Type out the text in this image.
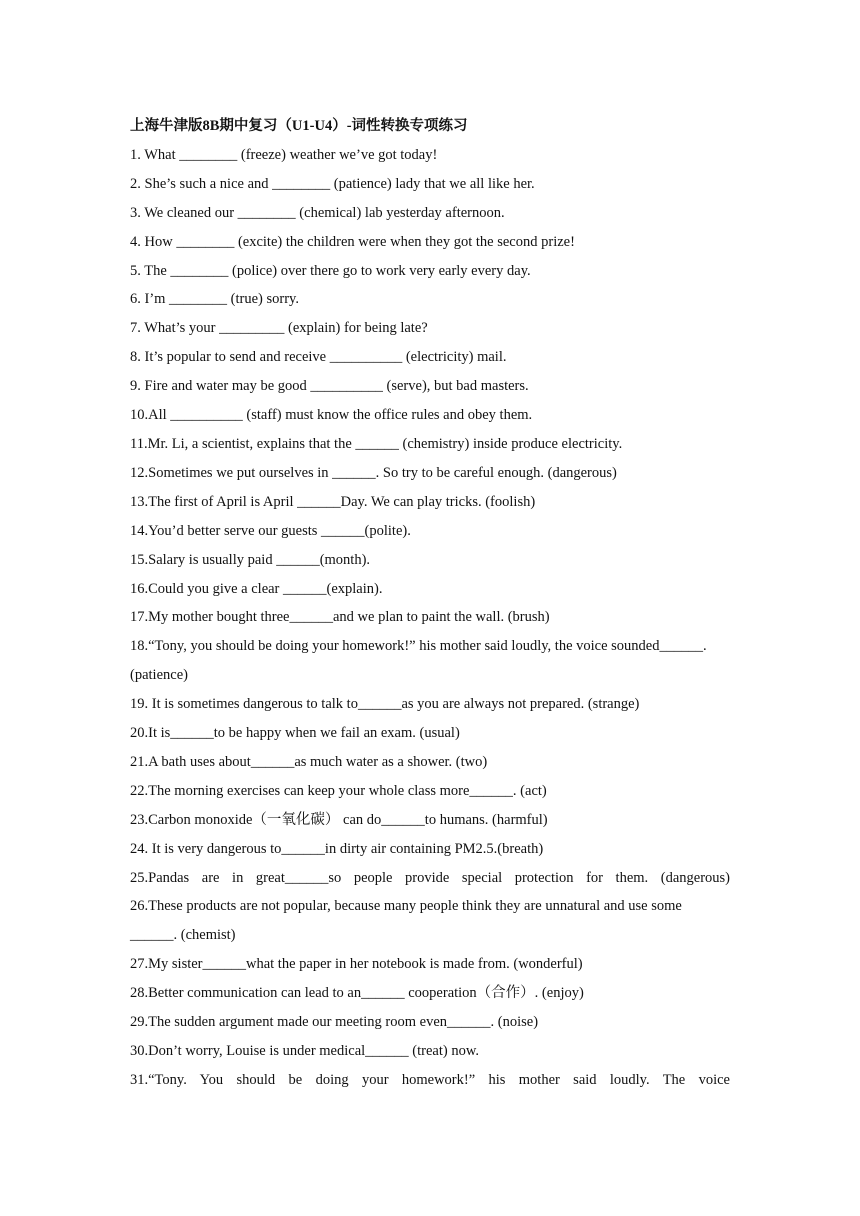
上海牛津版8B期中复习（U1-U4）-词性转换专项练习

1. What ________ (freeze) weather we’ve got today!

2. She’s such a nice and ________ (patience) lady that we all like her.

3. We cleaned our ________ (chemical) lab yesterday afternoon.

4. How ________ (excite) the children were when they got the second prize!

5. The ________ (police) over there go to work very early every day.

6. I’m ________ (true) sorry.

7. What’s your _________ (explain) for being late?

8. It’s popular to send and receive __________ (electricity) mail.

9. Fire and water may be good __________ (serve), but bad masters.

10.All __________ (staff) must know the office rules and obey them.

11.Mr. Li, a scientist, explains that the ______ (chemistry) inside produce electricity.

12.Sometimes we put ourselves in ______. So try to be careful enough. (dangerous)

13.The first of April is April ______Day. We can play tricks. (foolish)

14.You’d better serve our guests ______(polite).

15.Salary is usually paid ______(month).

16.Could you give a clear ______(explain).

17.My mother bought three______and we plan to paint the wall. (brush)

18.“Tony, you should be doing your homework!” his mother said loudly, the voice sounded______.

(patience)

19. It is sometimes dangerous to talk to______as you are always not prepared. (strange)

20.It is______to be happy when we fail an exam. (usual)

21.A bath uses about______as much water as a shower. (two)

22.The morning exercises can keep your whole class more______. (act)

23.Carbon monoxide（一氧化碳） can do______to humans. (harmful)

24. It is very dangerous to______in dirty air containing PM2.5.(breath)

25.Pandas are in great______so people provide special protection for them. (dangerous)

26.These products are not popular, because many people think they are unnatural and use some

______. (chemist)

27.My sister______what the paper in her notebook is made from. (wonderful)

28.Better communication can lead to an______ cooperation（合作）. (enjoy)

29.The sudden argument made our meeting room even______. (noise)

30.Don’t worry, Louise is under medical______ (treat) now.

31.“Tony. You should be doing your homework!” his mother said loudly. The voice
